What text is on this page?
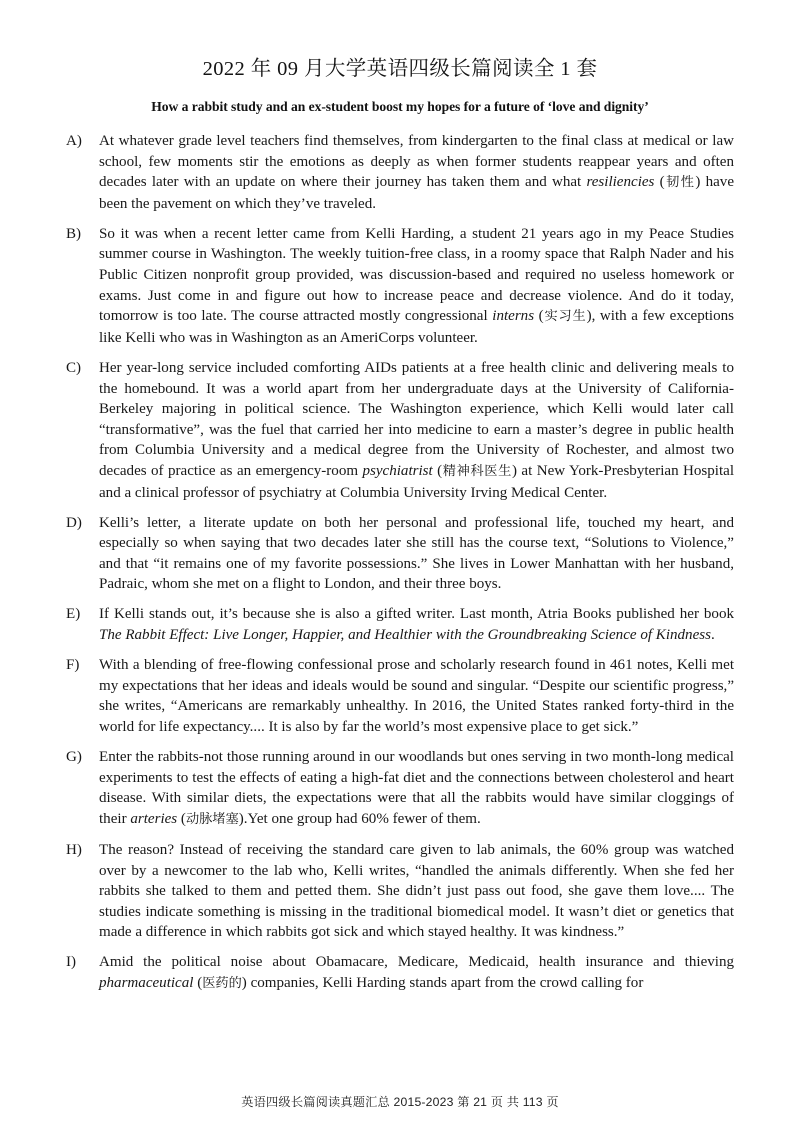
2022 年 09 月大学英语四级长篇阅读全 1 套
How a rabbit study and an ex-student boost my hopes for a future of ‘love and dignity’
A)	At whatever grade level teachers find themselves, from kindergarten to the final class at medical or law school, few moments stir the emotions as deeply as when former students reappear years and often decades later with an update on where their journey has taken them and what resiliencies (韧性) have been the pavement on which they’ve traveled.
B)	So it was when a recent letter came from Kelli Harding, a student 21 years ago in my Peace Studies summer course in Washington. The weekly tuition-free class, in a roomy space that Ralph Nader and his Public Citizen nonprofit group provided, was discussion-based and required no useless homework or exams. Just come in and figure out how to increase peace and decrease violence. And do it today, tomorrow is too late. The course attracted mostly congressional interns (实习生), with a few exceptions like Kelli who was in Washington as an AmeriCorps volunteer.
C)	Her year-long service included comforting AIDs patients at a free health clinic and delivering meals to the homebound. It was a world apart from her undergraduate days at the University of California-Berkeley majoring in political science. The Washington experience, which Kelli would later call “transformative”, was the fuel that carried her into medicine to earn a master’s degree in public health from Columbia University and a medical degree from the University of Rochester, and almost two decades of practice as an emergency-room psychiatrist (精神科医生) at New York-Presbyterian Hospital and a clinical professor of psychiatry at Columbia University Irving Medical Center.
D)	Kelli’s letter, a literate update on both her personal and professional life, touched my heart, and especially so when saying that two decades later she still has the course text, “Solutions to Violence,” and that “it remains one of my favorite possessions.” She lives in Lower Manhattan with her husband, Padraic, whom she met on a flight to London, and their three boys.
E)	If Kelli stands out, it’s because she is also a gifted writer. Last month, Atria Books published her book The Rabbit Effect: Live Longer, Happier, and Healthier with the Groundbreaking Science of Kindness.
F)	With a blending of free-flowing confessional prose and scholarly research found in 461 notes, Kelli met my expectations that her ideas and ideals would be sound and singular. “Despite our scientific progress,” she writes, “Americans are remarkably unhealthy. In 2016, the United States ranked forty-third in the world for life expectancy.... It is also by far the world’s most expensive place to get sick.”
G)	Enter the rabbits-not those running around in our woodlands but ones serving in two month-long medical experiments to test the effects of eating a high-fat diet and the connections between cholesterol and heart disease. With similar diets, the expectations were that all the rabbits would have similar cloggings of their arteries (动脉堵塞).Yet one group had 60% fewer of them.
H)	The reason? Instead of receiving the standard care given to lab animals, the 60% group was watched over by a newcomer to the lab who, Kelli writes, “handled the animals differently. When she fed her rabbits she talked to them and petted them. She didn’t just pass out food, she gave them love.... The studies indicate something is missing in the traditional biomedical model. It wasn’t diet or genetics that made a difference in which rabbits got sick and which stayed healthy. It was kindness.”
I)	Amid the political noise about Obamacare, Medicare, Medicaid, health insurance and thieving pharmaceutical (医药的) companies, Kelli Harding stands apart from the crowd calling for
英语四级长篇阅读真题汇总 2015-2023 第 21 页 共 113 页
